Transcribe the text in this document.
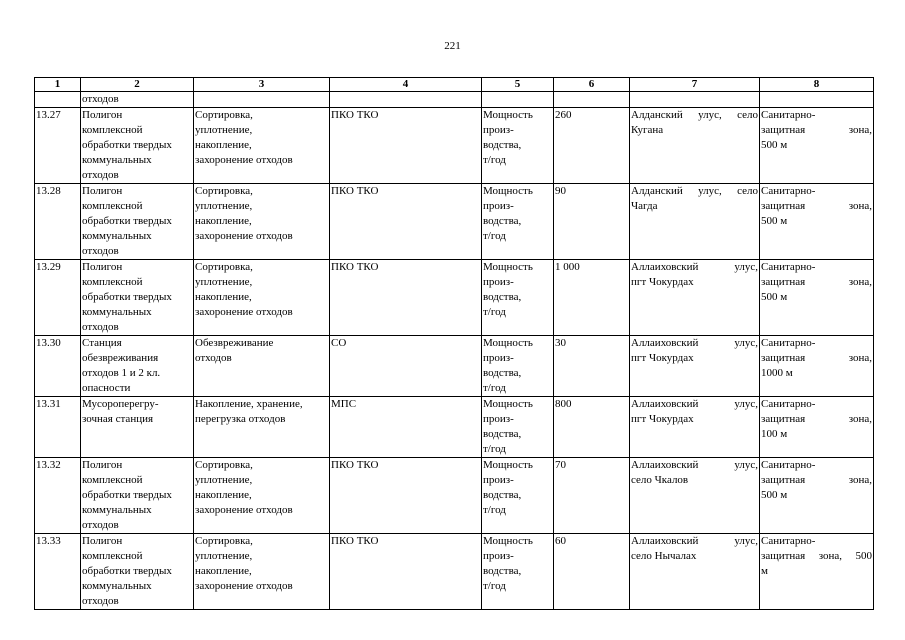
221
1	2	3	4	5	6	7	8
	отходов						
13.27	Полигон
комплексной
обработки твердых
коммунальных
отходов	Сортировка,
уплотнение,
накопление,
захоронение отходов	ПКО ТКО	Мощность
произ-
водства,
т/год	260	Алданский улус, село
Кугана	Санитарно-
защитная зона,
500 м

13.28	Полигон
комплексной
обработки твердых
коммунальных
отходов	Сортировка,
уплотнение,
накопление,
захоронение отходов	ПКО ТКО	Мощность
произ-
водства,
т/год	90	Алданский улус, село
Чагда	Санитарно-
защитная зона,
500 м

13.29	Полигон
комплексной
обработки твердых
коммунальных
отходов	Сортировка,
уплотнение,
накопление,
захоронение отходов	ПКО ТКО	Мощность
произ-
водства,
т/год	1 000	Аллаиховский улус,
пгт Чокурдах	Санитарно-
защитная зона,
500 м

13.30	Станция
обезвреживания
отходов 1 и 2 кл.
опасности	Обезвреживание
отходов	СО	Мощность
произ-
водства,
т/год	30	Аллаиховский улус,
пгт Чокурдах	Санитарно-
защитная зона,
1000 м

13.31	Мусороперегру-
зочная станция	Накопление, хранение,
перегрузка отходов	МПС	Мощность
произ-
водства,
т/год	800	Аллаиховский улус,
пгт Чокурдах	Санитарно-
защитная зона,
100 м

13.32	Полигон
комплексной
обработки твердых
коммунальных
отходов	Сортировка,
уплотнение,
накопление,
захоронение отходов	ПКО ТКО	Мощность
произ-
водства,
т/год	70	Аллаиховский улус,
село Чкалов	Санитарно-
защитная зона,
500 м

13.33	Полигон
комплексной
обработки твердых
коммунальных
отходов	Сортировка,
уплотнение,
накопление,
захоронение отходов	ПКО ТКО	Мощность
произ-
водства,
т/год	60	Аллаиховский улус,
село Нычалах	Санитарно-
защитная зона, 500
м
